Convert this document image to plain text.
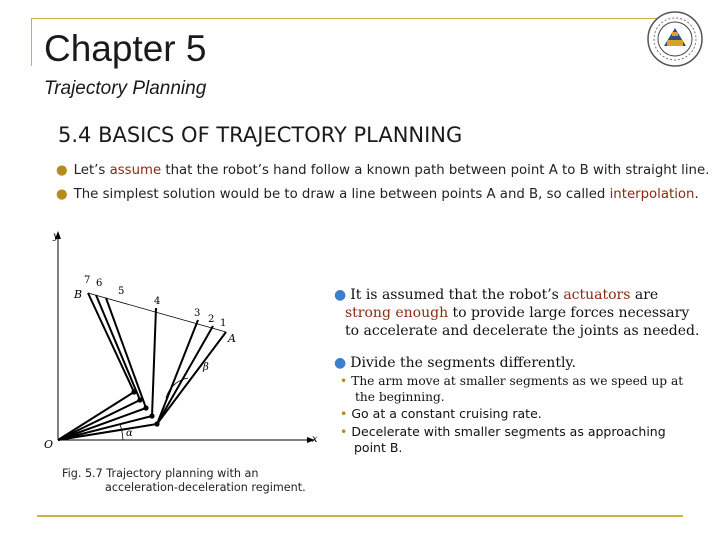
Chapter 5
Trajectory Planning
5.4 BASICS OF TRAJECTORY PLANNING
● Let’s assume that the robot’s hand follow a known path between point A to B with straight line.
● The simplest solution would be to draw a line between points A and B, so called interpolation.
y
x
O
α
β
B
A
7 6
5
4
3
2 1
Fig. 5.7 Trajectory planning with an
acceleration-deceleration regiment.
● It is assumed that the robot’s actuators are
strong enough to provide large forces necessary
to accelerate and decelerate the joints as needed.
● Divide the segments differently.
• The arm move at smaller segments as we speed up at
the beginning.
• Go at a constant cruising rate.
• Decelerate with smaller segments as approaching
point B.
